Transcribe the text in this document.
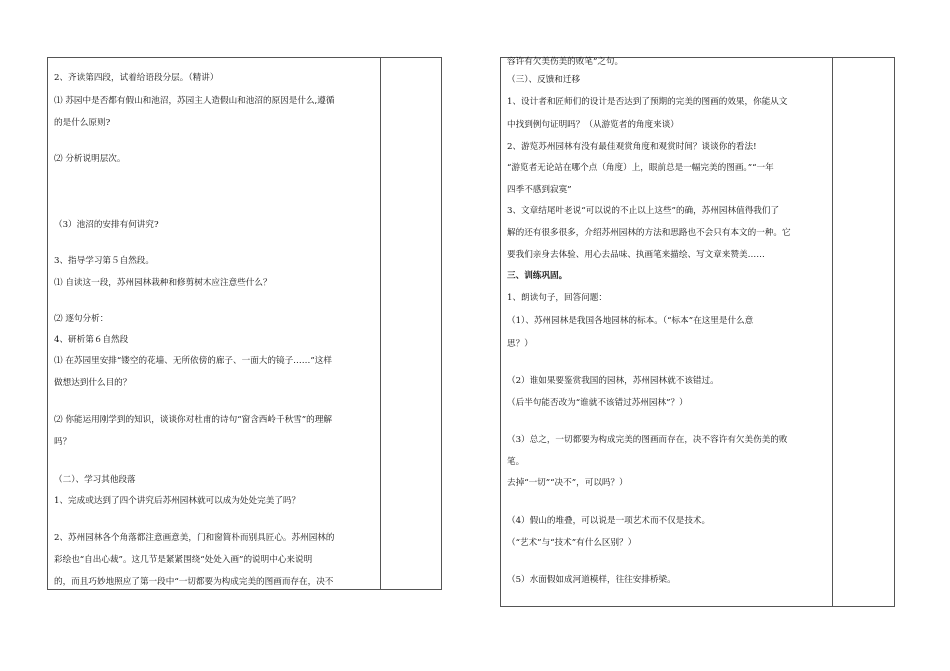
2、齐读第四段，试着给语段分层。（精讲）
⑴ 苏园中是否都有假山和池沼，苏园主人造假山和池沼的原因是什么,遵循
的是什么原则?
⑵ 分析说明层次。
（3）池沼的安排有何讲究?
3、指导学习第５自然段。
⑴ 自读这一段，苏州园林栽种和修剪树木应注意些什么？
⑵ 逐句分析：
4、研析第６自然段
⑴ 在苏园里安排“镂空的花墙、无所依傍的廊子、一面大的镜子……”这样
做想达到什么目的？
⑵ 你能运用刚学到的知识，谈谈你对杜甫的诗句“窗含西岭千秋雪”的理解
吗？
（二）、学习其他段落
1、完成或达到了四个讲究后苏州园林就可以成为处处完美了吗？
2、苏州园林各个角落都注意画意美，门和窗简朴而别具匠心。苏州园林的
彩绘也“自出心裁”。这几节是紧紧围绕“处处入画”的说明中心来说明
的，而且巧妙地照应了第一段中“一切都要为构成完美的图画而存在，决不
容许有欠美伤美的败笔”之句。
（三）、反馈和迁移
1、设计者和匠师们的设计是否达到了预期的完美的图画的效果，你能从文
中找到例句证明吗？（从游览者的角度来谈）
2、游览苏州园林有没有最佳观赏角度和观赏时间？谈谈你的看法!
“游览者无论站在哪个点（角度）上，眼前总是一幅完美的图画。”“一年
四季不感到寂寞”
3、文章结尾叶老说“可以说的不止以上这些”的确，苏州园林值得我们了
解的还有很多很多，介绍苏州园林的方法和思路也不会只有本文的一种。它
要我们亲身去体验、用心去品味、执画笔来描绘、写文章来赞美……
三、训练巩固。
1、朗读句子，回答问题：
（1）、苏州园林是我国各地园林的标本。（“标本”在这里是什么意
思？）
（2）谁如果要鉴赏我国的园林，苏州园林就不该错过。
（后半句能否改为“谁就不该错过苏州园林”？）
（3）总之，一切都要为构成完美的图画而存在，决不容许有欠美伤美的败
笔。
去掉“一切”“决不”，可以吗？）
（4）假山的堆叠，可以说是一项艺术而不仅是技术。
（“艺术”与“技术”有什么区别？）
（5）水面假如成河道模样，往往安排桥梁。
